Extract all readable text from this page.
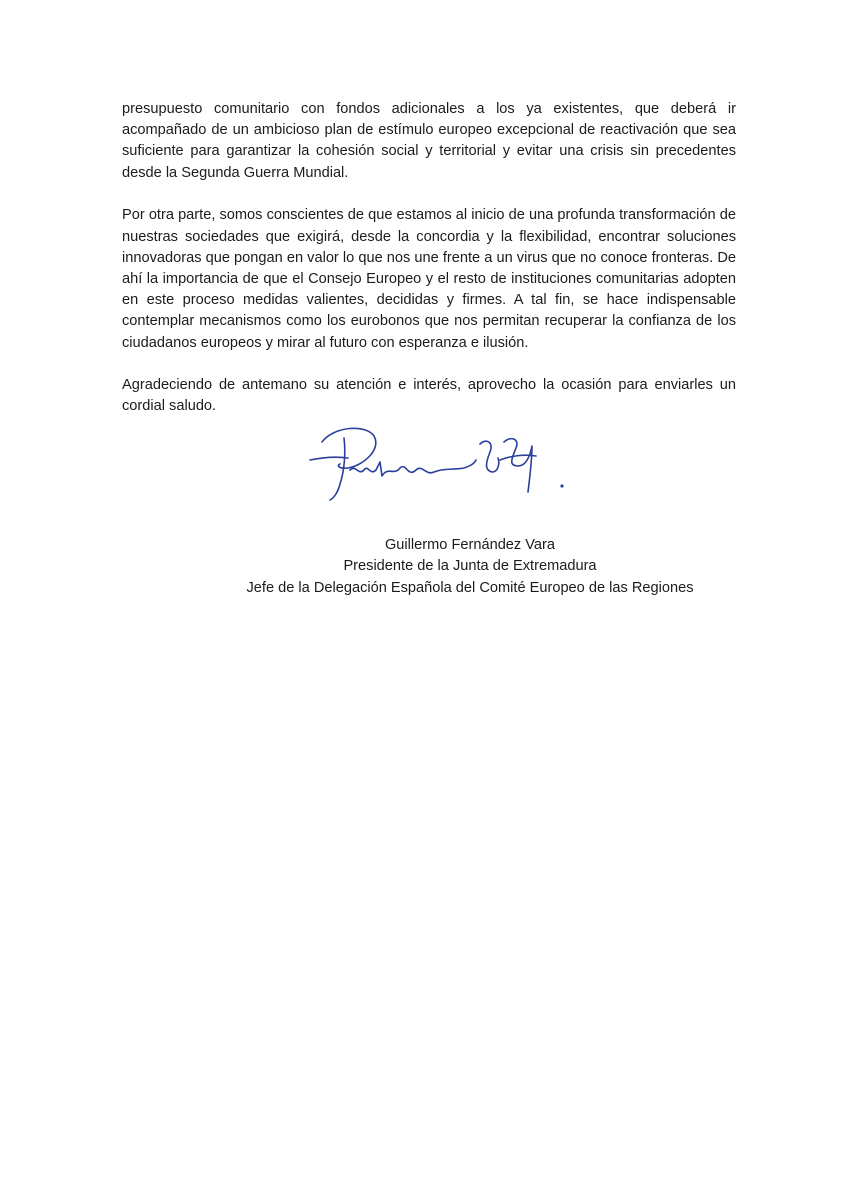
presupuesto comunitario con fondos adicionales a los ya existentes, que deberá ir acompañado de un ambicioso plan de estímulo europeo excepcional de reactivación que sea suficiente para garantizar la cohesión social y territorial y evitar una crisis sin precedentes desde la Segunda Guerra Mundial.

Por otra parte, somos conscientes de que estamos al inicio de una profunda transformación de nuestras sociedades que exigirá, desde la concordia y la flexibilidad, encontrar soluciones innovadoras que pongan en valor lo que nos une frente a un virus que no conoce fronteras. De ahí la importancia de que el Consejo Europeo y el resto de instituciones comunitarias adopten en este proceso medidas valientes, decididas y firmes. A tal fin, se hace indispensable contemplar mecanismos como los eurobonos que nos permitan recuperar la confianza de los ciudadanos europeos y mirar al futuro con esperanza e ilusión.

Agradeciendo de antemano su atención e interés, aprovecho la ocasión para enviarles un cordial saludo.

Guillermo Fernández Vara
Presidente de la Junta de Extremadura
Jefe de la Delegación Española del Comité Europeo de las Regiones
